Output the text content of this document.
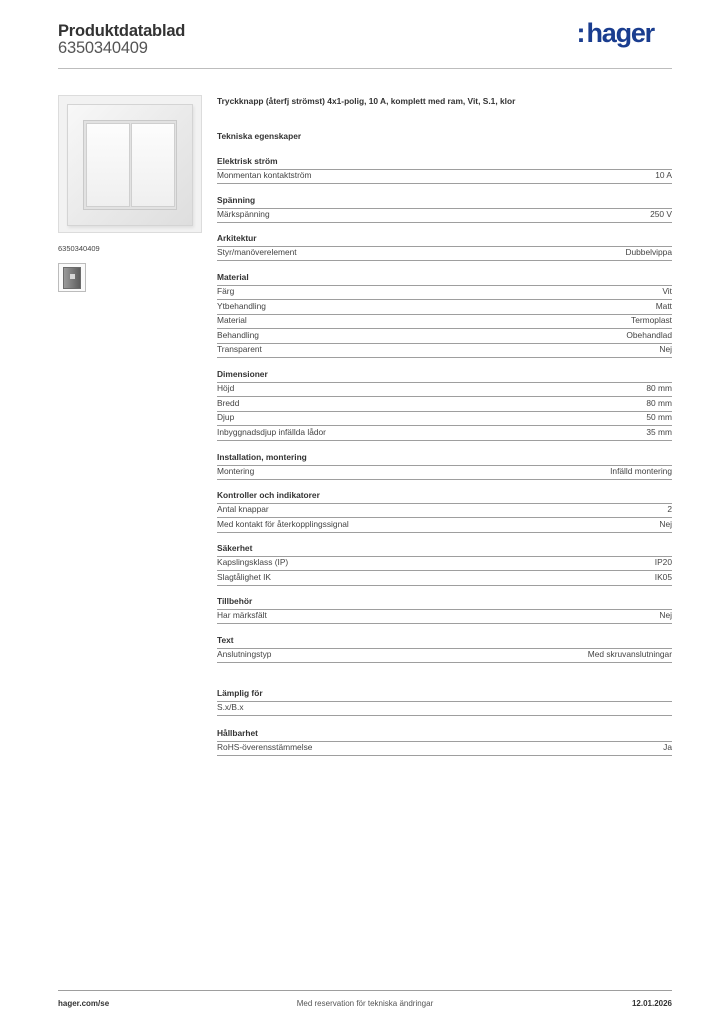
Produktdatablad
6350340409	:hager
6350340409
Tryckknapp (återfj strömst) 4x1-polig, 10 A, komplett med ram, Vit, S.1, klor
Tekniska egenskaper
Elektrisk ström
Monmentan kontaktström	10 A
Spänning
Märkspänning	250 V
Arkitektur
Styr/manöverelement	Dubbelvippa
Material
Färg	Vit
Ytbehandling	Matt
Material	Termoplast
Behandling	Obehandlad
Transparent	Nej
Dimensioner
Höjd	80 mm
Bredd	80 mm
Djup	50 mm
Inbyggnadsdjup infällda lådor	35 mm
Installation, montering
Montering	Infälld montering
Kontroller och indikatorer
Antal knappar	2
Med kontakt för återkopplingssignal	Nej
Säkerhet
Kapslingsklass (IP)	IP20
Slagtålighet IK	IK05
Tillbehör
Har märksfält	Nej
Text
Anslutningstyp	Med skruvanslutningar
Lämplig för
S.x/B.x
Hållbarhet
RoHS-överensstämmelse	Ja
hager.com/se	Med reservation för tekniska ändringar	12.01.2026
